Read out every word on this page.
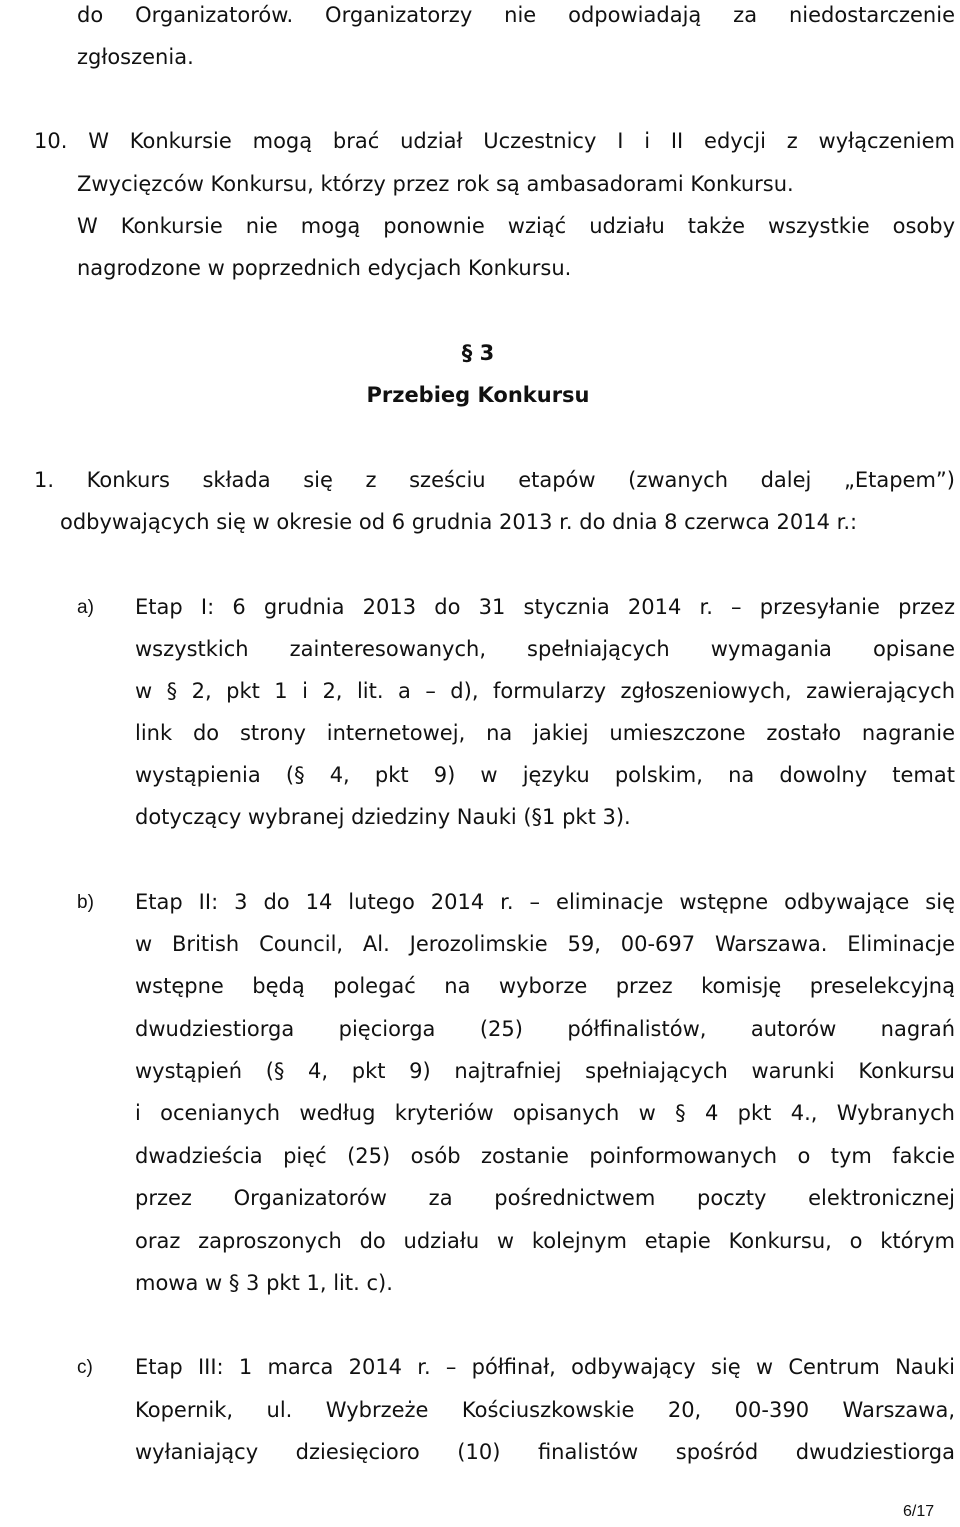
do Organizatorów. Organizatorzy nie odpowiadają za niedostarczenie
zgłoszenia.
10. W Konkursie mogą brać udział Uczestnicy I i II edycji z wyłączeniem
Zwycięzców Konkursu, którzy przez rok są ambasadorami Konkursu.
W Konkursie nie mogą ponownie wziąć udziału także wszystkie osoby
nagrodzone w poprzednich edycjach Konkursu.
§ 3
Przebieg Konkursu
1. Konkurs składa się z sześciu etapów (zwanych dalej „Etapem”)
odbywających się w okresie od 6 grudnia 2013 r. do dnia 8 czerwca 2014 r.:
a) Etap I: 6 grudnia 2013 do 31 stycznia 2014 r. – przesyłanie przez
wszystkich zainteresowanych, spełniających wymagania opisane
w § 2, pkt 1 i 2, lit. a – d), formularzy zgłoszeniowych, zawierających
link do strony internetowej, na jakiej umieszczone zostało nagranie
wystąpienia (§ 4, pkt 9) w języku polskim, na dowolny temat
dotyczący wybranej dziedziny Nauki (§1 pkt 3).
b) Etap II: 3 do 14 lutego 2014 r. – eliminacje wstępne odbywające się
w British Council, Al. Jerozolimskie 59, 00-697 Warszawa. Eliminacje
wstępne będą polegać na wyborze przez komisję preselekcyjną
dwudziestiorga pięciorga (25) półfinalistów, autorów nagrań
wystąpień (§ 4, pkt 9) najtrafniej spełniających warunki Konkursu
i ocenianych według kryteriów opisanych w § 4 pkt 4., Wybranych
dwadzieścia pięć (25) osób zostanie poinformowanych o tym fakcie
przez Organizatorów za pośrednictwem poczty elektronicznej
oraz zaproszonych do udziału w kolejnym etapie Konkursu, o którym
mowa w § 3 pkt 1, lit. c).
c) Etap III: 1 marca 2014 r. – półfinał, odbywający się w Centrum Nauki
Kopernik, ul. Wybrzeże Kościuszkowskie 20, 00-390 Warszawa,
wyłaniający dziesięcioro (10) finalistów spośród dwudziestiorga
6/17
